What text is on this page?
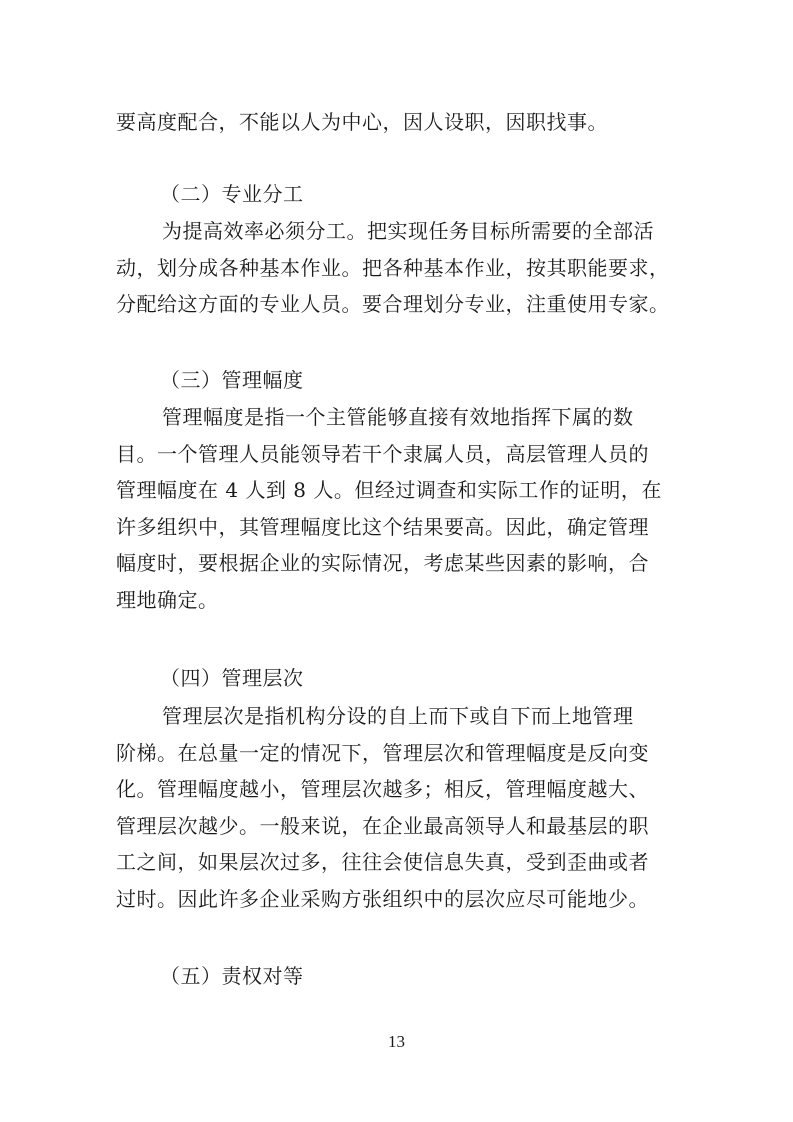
要高度配合，不能以人为中心，因人设职，因职找事。
（二）专业分工
为提高效率必须分工。把实现任务目标所需要的全部活
动，划分成各种基本作业。把各种基本作业，按其职能要求，
分配给这方面的专业人员。要合理划分专业，注重使用专家。
（三）管理幅度
管理幅度是指一个主管能够直接有效地指挥下属的数
目。一个管理人员能领导若干个隶属人员，高层管理人员的
管理幅度在 4 人到 8 人。但经过调查和实际工作的证明，在
许多组织中，其管理幅度比这个结果要高。因此，确定管理
幅度时，要根据企业的实际情况，考虑某些因素的影响，合
理地确定。
（四）管理层次
管理层次是指机构分设的自上而下或自下而上地管理
阶梯。在总量一定的情况下，管理层次和管理幅度是反向变
化。管理幅度越小，管理层次越多；相反，管理幅度越大、
管理层次越少。一般来说，在企业最高领导人和最基层的职
工之间，如果层次过多，往往会使信息失真，受到歪曲或者
过时。因此许多企业采购方张组织中的层次应尽可能地少。
（五）责权对等
13
